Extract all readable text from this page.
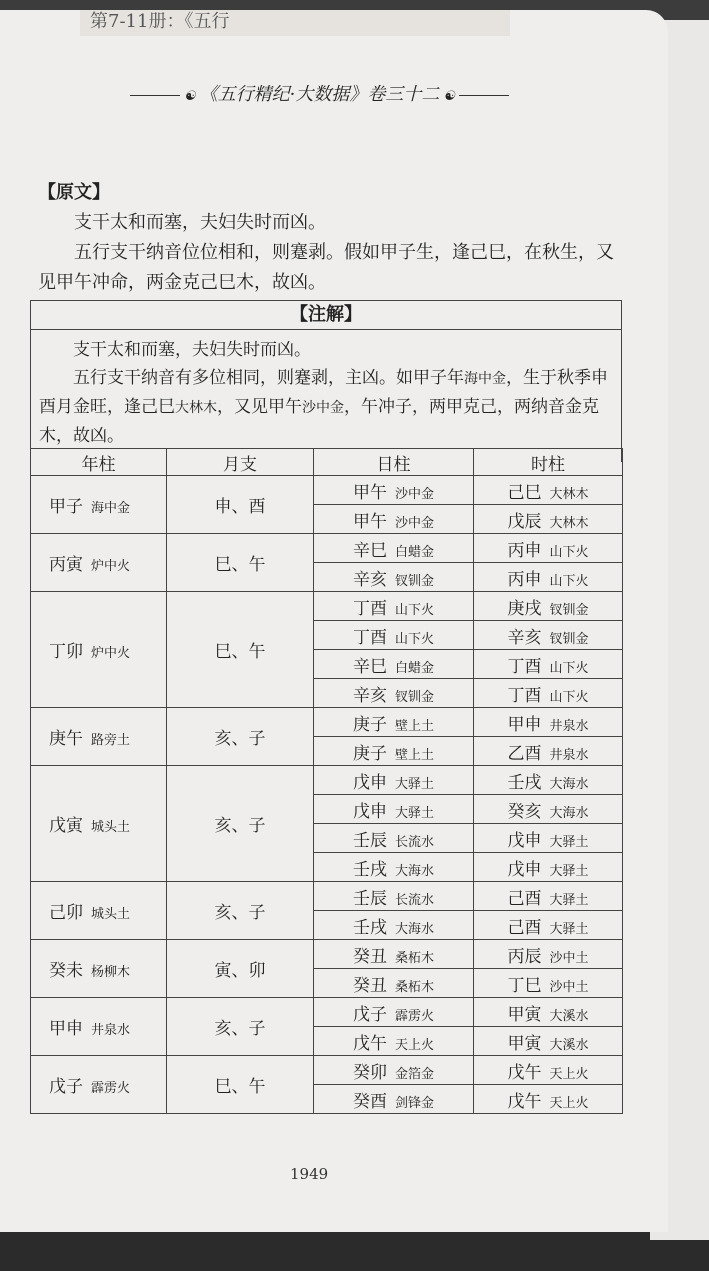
第7-11册：《五行
☯ 《五行精纪·大数据》卷三十二 ☯
【原文】

支干太和而塞，夫妇失时而凶。

五行支干纳音位位相和，则蹇剥。假如甲子生，逢己巳，在秋生，又

见甲午冲命，两金克己巳木，故凶。

【注解】

支干太和而塞，夫妇失时而凶。

五行支干纳音有多位相同，则蹇剥，主凶。如甲子年海中金，生于秋季申酉月金旺，逢己巳大林木，又见甲午沙中金，午冲子，两甲克己，两纳音金克木，故凶。

年柱	月支	日柱	时柱
甲子 海中金	申、酉	甲午 沙中金	己巳 大林木
		甲午 沙中金	戊辰 大林木
丙寅 炉中火	巳、午	辛巳 白蜡金	丙申 山下火
		辛亥 钗钏金	丙申 山下火
丁卯 炉中火	巳、午	丁酉 山下火	庚戌 钗钏金
		丁酉 山下火	辛亥 钗钏金
		辛巳 白蜡金	丁酉 山下火
		辛亥 钗钏金	丁酉 山下火
庚午 路旁土	亥、子	庚子 壁上土	甲申 井泉水
		庚子 壁上土	乙酉 井泉水
戊寅 城头土	亥、子	戊申 大驿土	壬戌 大海水
		戊申 大驿土	癸亥 大海水
		壬辰 长流水	戊申 大驿土
		壬戌 大海水	戊申 大驿土
己卯 城头土	亥、子	壬辰 长流水	己酉 大驿土
		壬戌 大海水	己酉 大驿土
癸未 杨柳木	寅、卯	癸丑 桑柘木	丙辰 沙中土
		癸丑 桑柘木	丁巳 沙中土
甲申 井泉水	亥、子	戊子 霹雳火	甲寅 大溪水
		戊午 天上火	甲寅 大溪水
戊子 霹雳火	巳、午	癸卯 金箔金	戊午 天上火
		癸酉 剑锋金	戊午 天上火
1949
